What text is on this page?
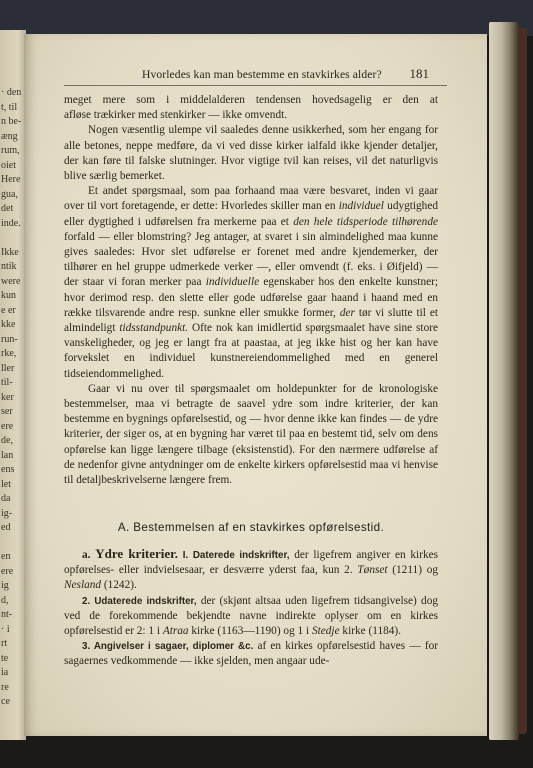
· den
t, til
n be-
æng
rum,
oiet
Here
gua,
det
inde.

Ikke
ntik
were
kun
e er
kke
run-
rke,
ller
til-
ker
ser
ere
de,
lan
ens
let
da
ig-
ed

en
ere
ig
d,
nt-
· i
rt
te
ia
re
ce
Hvorledes kan man bestemme en stavkirkes alder? 181

meget mere som i middelalderen tendensen hovedsagelig er den at

afløse trækirker med stenkirker — ikke omvendt.

Nogen væsentlig ulempe vil saaledes denne usikkerhed, som her engang for alle betones, neppe medføre, da vi ved disse kirker ialfald ikke kjender detaljer, der kan føre til falske slutninger. Hvor vigtige tvil kan reises, vil det naturligvis blive særlig bemerket.

Et andet spørgsmaal, som paa forhaand maa være besvaret, inden vi gaar over til vort foretagende, er dette: Hvorledes skiller man en individuel udygtighed eller dygtighed i udførelsen fra merkerne paa et den hele tidsperiode tilhørende forfald — eller blomstring? Jeg antager, at svaret i sin almindelighed maa kunne gives saaledes: Hvor slet udførelse er forenet med andre kjendemerker, der tilhører en hel gruppe udmerkede verker —, eller omvendt (f. eks. i Øifjeld) — der staar vi foran merker paa individuelle egenskaber hos den enkelte kunstner; hvor derimod resp. den slette eller gode udførelse gaar haand i haand med en række tilsvarende andre resp. sunkne eller smukke former, der tør vi slutte til et almindeligt tidsstandpunkt. Ofte nok kan imidlertid spørgsmaalet have sine store vanskeligheder, og jeg er langt fra at paastaa, at jeg ikke hist og her kan have forvekslet en individuel kunstnereiendommelighed med en generel tidseiendommelighed.

Gaar vi nu over til spørgsmaalet om holdepunkter for de kronologiske bestemmelser, maa vi betragte de saavel ydre som indre kriterier, der kan bestemme en bygnings opførelsestid, og — hvor denne ikke kan findes — de ydre kriterier, der siger os, at en bygning har været til paa en bestemt tid, selv om dens opførelse kan ligge længere tilbage (eksistenstid). For den nærmere udførelse af de nedenfor givne antydninger om de enkelte kirkers opførelsestid maa vi henvise til detaljbeskrivelserne længere frem.

A. Bestemmelsen af en stavkirkes opførelsestid.

a. Ydre kriterier. I. Daterede indskrifter, der ligefrem angiver en kirkes opførelses- eller indvielsesaar, er desværre yderst faa, kun 2. Tønset (1211) og Nesland (1242).

2. Udaterede indskrifter, der (skjønt altsaa uden ligefrem tidsangivelse) dog ved de forekommende bekjendte navne indirekte oplyser om en kirkes opførelsestid er 2: 1 i Atraa kirke (1163—1190) og 1 i Stedje kirke (1184).

3. Angivelser i sagaer, diplomer &c. af en kirkes opførelsestid haves — for sagaernes vedkommende — ikke sjelden, men angaar ude-
